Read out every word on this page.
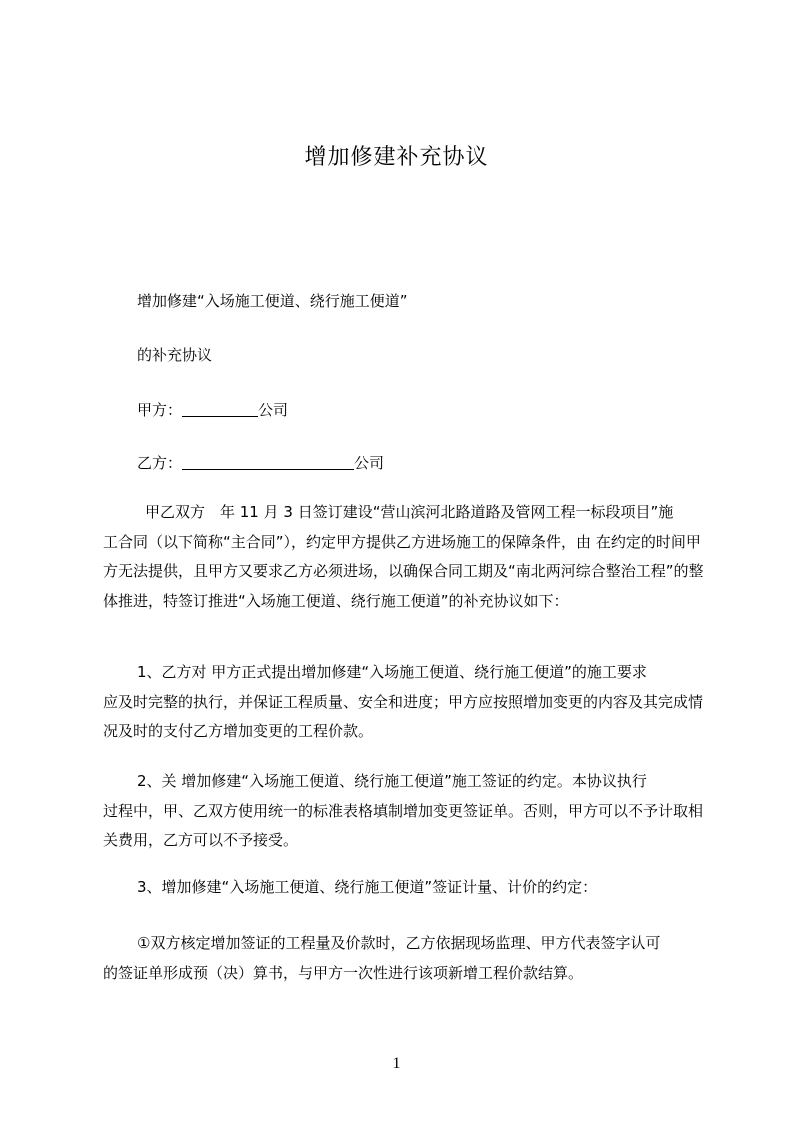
增加修建补充协议
增加修建“入场施工便道、绕行施工便道”
的补充协议
甲方：	公司
乙方：	公司
甲乙双方　年 11 月 3 日签订建设“营山滨河北路道路及管网工程一标段项目”施
工合同（以下简称“主合同”），约定甲方提供乙方进场施工的保障条件，由 在约定的时间甲方无法提供，且甲方又要求乙方必须进场，以确保合同工期及“南北两河综合整治工程”的整体推进，特签订推进“入场施工便道、绕行施工便道”的补充协议如下：
1、乙方对 甲方正式提出增加修建“入场施工便道、绕行施工便道”的施工要求
应及时完整的执行，并保证工程质量、安全和进度；甲方应按照增加变更的内容及其完成情况及时的支付乙方增加变更的工程价款。
2、关 增加修建“入场施工便道、绕行施工便道”施工签证的约定。本协议执行
过程中，甲、乙双方使用统一的标准表格填制增加变更签证单。否则，甲方可以不予计取相关费用，乙方可以不予接受。
3、增加修建“入场施工便道、绕行施工便道”签证计量、计价的约定：
①双方核定增加签证的工程量及价款时，乙方依据现场监理、甲方代表签字认可
的签证单形成预（决）算书，与甲方一次性进行该项新增工程价款结算。
1
